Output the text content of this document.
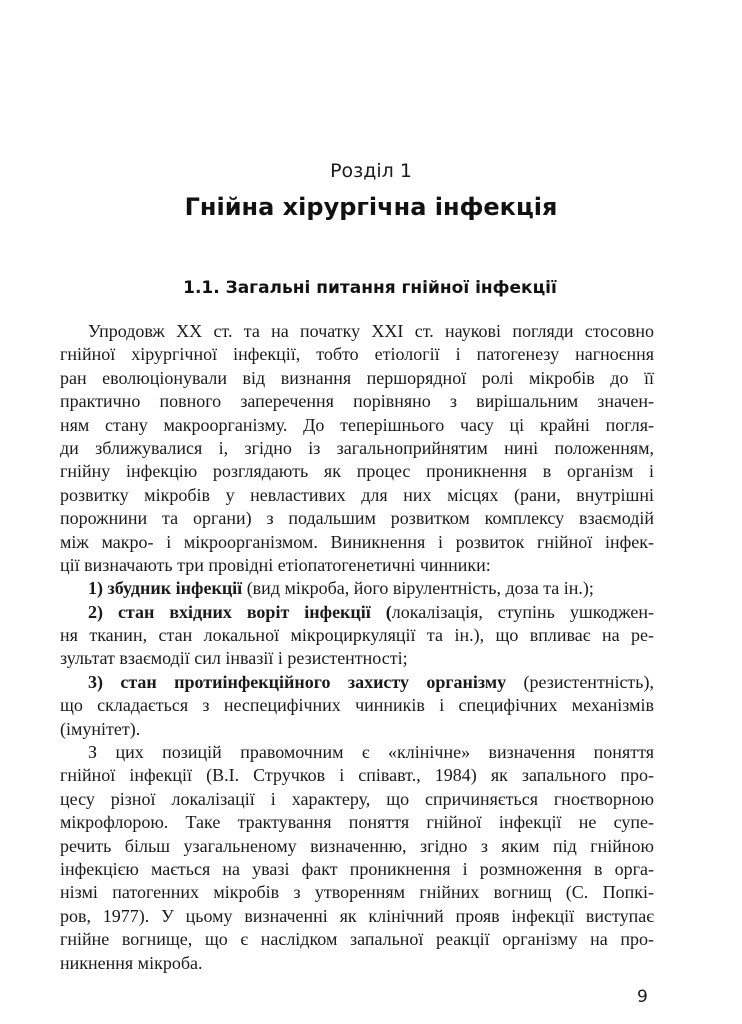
Розділ 1
Гнійна хірургічна інфекція
1.1. Загальні питання гнійної інфекції
Упродовж ХХ ст. та на початку ХХІ ст. наукові погляди стосовно
гнійної хірургічної інфекції, тобто етіології і патогенезу нагноєння
ран еволюціонували від визнання першорядної ролі мікробів до її
практично повного заперечення порівняно з вирішальним значен-
ням стану макроорганізму. До теперішнього часу ці крайні погля-
ди зближувалися і, згідно із загальноприйнятим нині положенням,
гнійну інфекцію розглядають як процес проникнення в організм і
розвитку мікробів у невластивих для них місцях (рани, внутрішні
порожнини та органи) з подальшим розвитком комплексу взаємодій
між макро- і мікроорганізмом. Виникнення і розвиток гнійної інфек-
ції визначають три провідні етіопатогенетичні чинники:
1) збудник інфекції (вид мікроба, його вірулентність, доза та ін.);
2) стан вхідних воріт інфекції (локалізація, ступінь ушкоджен-
ня тканин, стан локальної мікроциркуляції та ін.), що впливає на ре-
зультат взаємодії сил інвазії і резистентності;
3) стан протиінфекційного захисту організму (резистентність),
що складається з неспецифічних чинників і специфічних механізмів
(імунітет).
З цих позицій правомочним є «клінічне» визначення поняття
гнійної інфекції (В.І. Стручков і співавт., 1984) як запального про-
цесу різної локалізації і характеру, що спричиняється гноєтворною
мікрофлорою. Таке трактування поняття гнійної інфекції не супе-
речить більш узагальненому визначенню, згідно з яким під гнійною
інфекцією мається на увазі факт проникнення і розмноження в орга-
нізмі патогенних мікробів з утворенням гнійних вогнищ (С. Попкі-
ров, 1977). У цьому визначенні як клінічний прояв інфекції виступає
гнійне вогнище, що є наслідком запальної реакції організму на про-
никнення мікроба.
9
